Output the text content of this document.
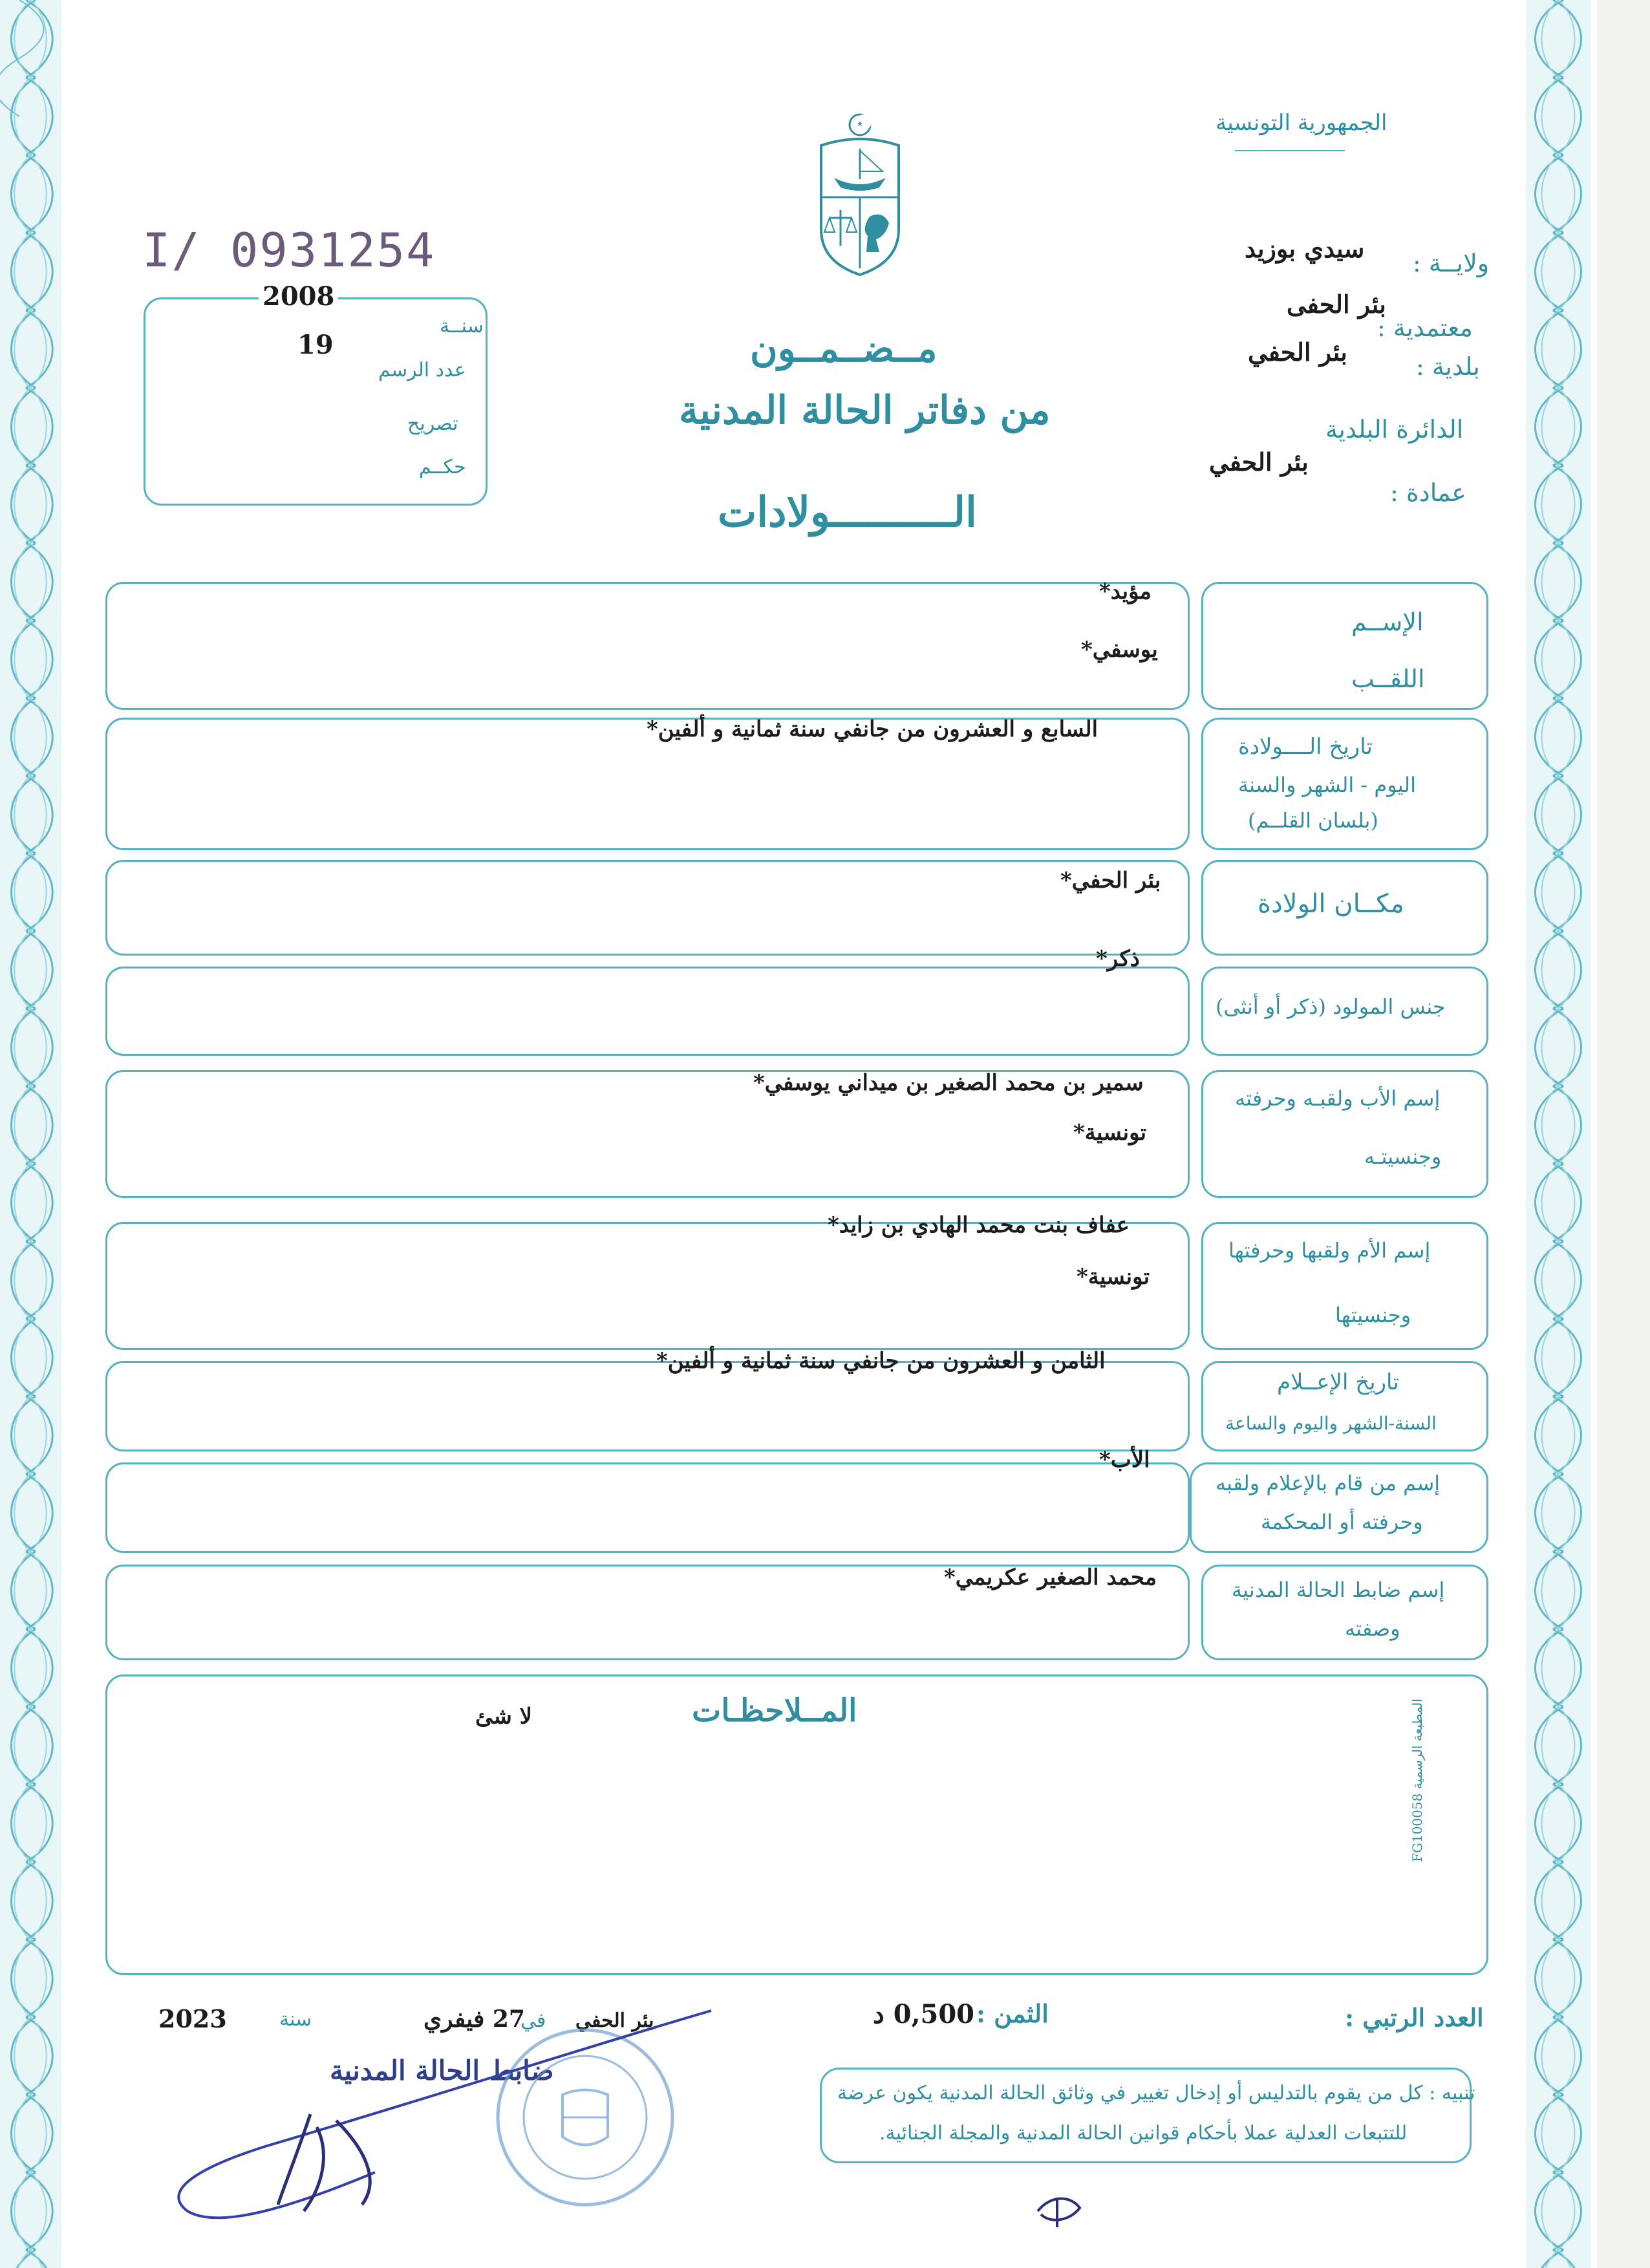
الجمهورية التونسية
I/ 0931254
2008
سنــة
19
عدد الرسم
تصريح
حكــم
مــضــمــون
من دفاتر الحالة المدنية
الــــــــــولادات
ولايــة :
سيدي بوزيد
معتمدية :
بئر الحفى
بلدية :
بئر الحفي
الدائرة البلدية
بئر الحفي
عمادة :
الإســم
اللقــب
مؤيد*
يوسفي*
تاريخ الــــولادة
اليوم - الشهر والسنة
(بلسان القلــم)
السابع و العشرون من جانفي سنة ثمانية و ألفين*
مكــان الولادة
بئر الحفي*
جنس المولود (ذكر أو أنثى)
ذكر*
إسم الأب ولقبـه وحرفته
وجنسيتـه
سمير بن محمد الصغير بن ميداني يوسفي*
تونسية*
إسم الأم ولقبها وحرفتها
وجنسيتها
عفاف بنت محمد الهادي بن زايد*
تونسية*
تاريخ الإعــلام
السنة-الشهر واليوم والساعة
الثامن و العشرون من جانفي سنة ثمانية و ألفين*
إسم من قام بالإعلام ولقبه
وحرفته أو المحكمة
الأب*
إسم ضابط الحالة المدنية
وصفته
محمد الصغير عكريمي*
المــلاحظـات
لا شئ
المطبعة الرسمية FG100058
العدد الرتبي :
الثمن :
0,500 د
بئر الحفي
في
27 فيفري
سنة
2023
ضابط الحالة المدنية
تنبيه : كل من يقوم بالتدليس أو إدخال تغيير في وثائق الحالة المدنية يكون عرضة
للتتبعات العدلية عملا بأحكام قوانين الحالة المدنية والمجلة الجنائية.
